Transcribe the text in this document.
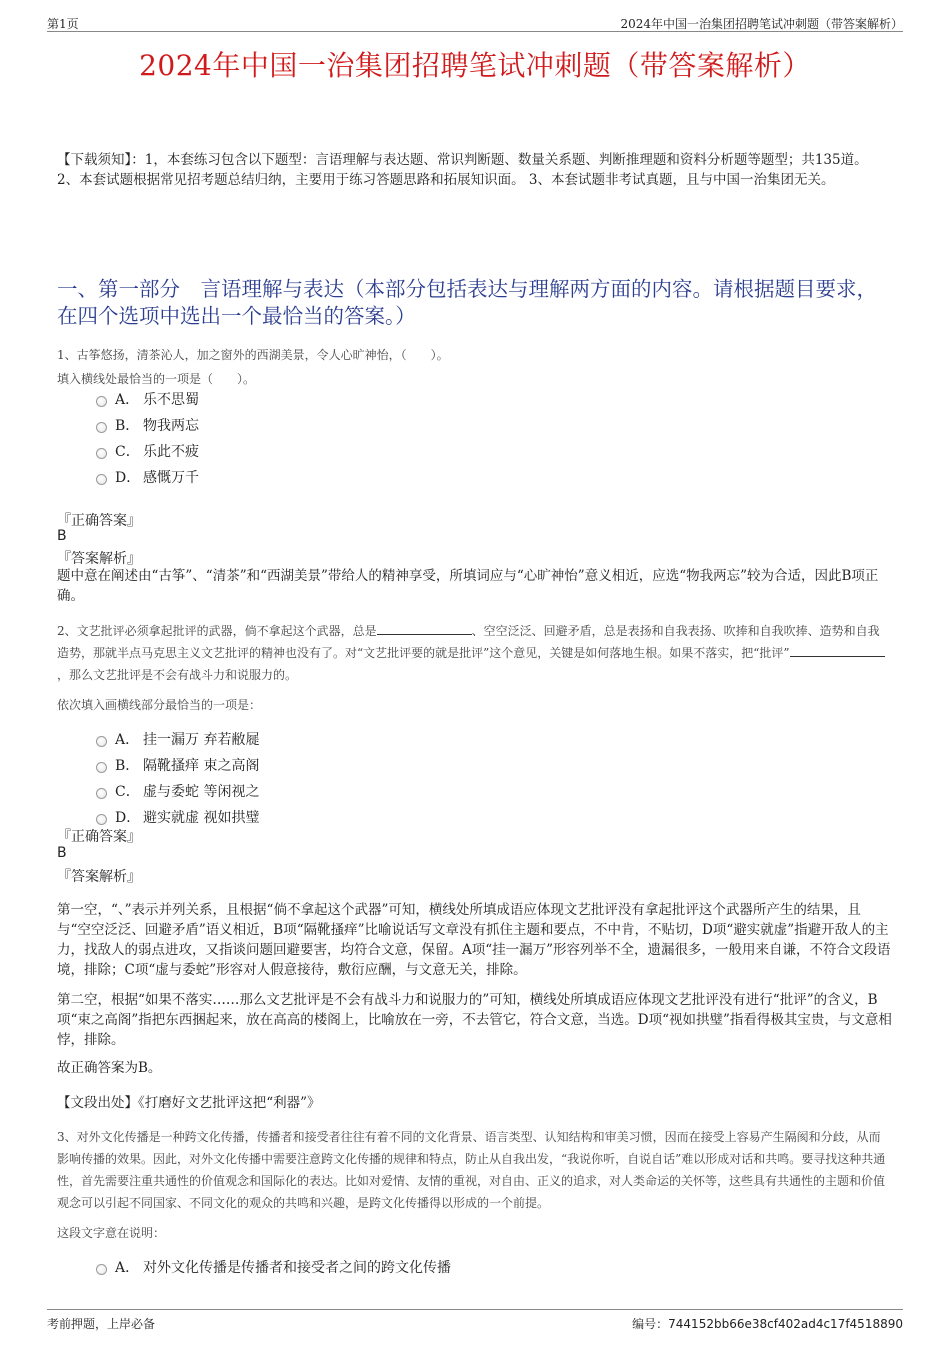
第1页	2024年中国一治集团招聘笔试冲刺题（带答案解析）
2024年中国一治集团招聘笔试冲刺题（带答案解析）
【下载须知】：1，本套练习包含以下题型：言语理解与表达题、常识判断题、数量关系题、判断推理题和资料分析题等题型；共135道。 2、本套试题根据常见招考题总结归纳，主要用于练习答题思路和拓展知识面。 3、本套试题非考试真题，且与中国一治集团无关。
一、第一部分　言语理解与表达（本部分包括表达与理解两方面的内容。请根据题目要求，在四个选项中选出一个最恰当的答案。）
1、古筝悠扬，清茶沁人，加之窗外的西湖美景，令人心旷神怡，（　　）。
填入横线处最恰当的一项是（　　）。
A． 乐不思蜀
B． 物我两忘
C． 乐此不疲
D． 感慨万千
『正确答案』
B
『答案解析』
题中意在阐述由“古筝”、“清茶”和“西湖美景”带给人的精神享受，所填词应与“心旷神怡”意义相近，应选“物我两忘”较为合适，因此B项正确。
2、文艺批评必须拿起批评的武器，倘不拿起这个武器，总是	、空空泛泛、回避矛盾，总是表扬和自我表扬、吹捧和自我吹捧、造势和自我造势，那就半点马克思主义文艺批评的精神也没有了。对“文艺批评要的就是批评”这个意见，关键是如何落地生根。如果不落实，把“批评”，那么文艺批评是不会有战斗力和说服力的。
依次填入画横线部分最恰当的一项是：
A． 挂一漏万 弃若敝屣
B． 隔靴搔痒 束之高阁
C． 虚与委蛇 等闲视之
D． 避实就虚 视如拱璧
『正确答案』
B
『答案解析』
第一空，“、”表示并列关系，且根据“倘不拿起这个武器”可知，横线处所填成语应体现文艺批评没有拿起批评这个武器所产生的结果，且与“空空泛泛、回避矛盾”语义相近，B项“隔靴搔痒”比喻说话写文章没有抓住主题和要点，不中肯，不贴切，D项“避实就虚”指避开敌人的主力，找敌人的弱点进攻，又指谈问题回避要害，均符合文意，保留。A项“挂一漏万”形容列举不全，遗漏很多，一般用来自谦，不符合文段语境，排除；C项“虚与委蛇”形容对人假意接待，敷衍应酬，与文意无关，排除。
第二空，根据“如果不落实……那么文艺批评是不会有战斗力和说服力的”可知，横线处所填成语应体现文艺批评没有进行“批评”的含义，B项“束之高阁”指把东西捆起来，放在高高的楼阁上，比喻放在一旁，不去管它，符合文意，当选。D项“视如拱璧”指看得极其宝贵，与文意相悖，排除。
故正确答案为B。
【文段出处】《打磨好文艺批评这把“利器”》
3、对外文化传播是一种跨文化传播，传播者和接受者往往有着不同的文化背景、语言类型、认知结构和审美习惯，因而在接受上容易产生隔阂和分歧，从而影响传播的效果。因此，对外文化传播中需要注意跨文化传播的规律和特点，防止从自我出发，“我说你听，自说自话”难以形成对话和共鸣。要寻找这种共通性，首先需要注重共通性的价值观念和国际化的表达。比如对爱情、友情的重视，对自由、正义的追求，对人类命运的关怀等，这些具有共通性的主题和价值观念可以引起不同国家、不同文化的观众的共鸣和兴趣，是跨文化传播得以形成的一个前提。
这段文字意在说明：
A． 对外文化传播是传播者和接受者之间的跨文化传播
考前押题，上岸必备	编号：744152bb66e38cf402ad4c17f4518890
